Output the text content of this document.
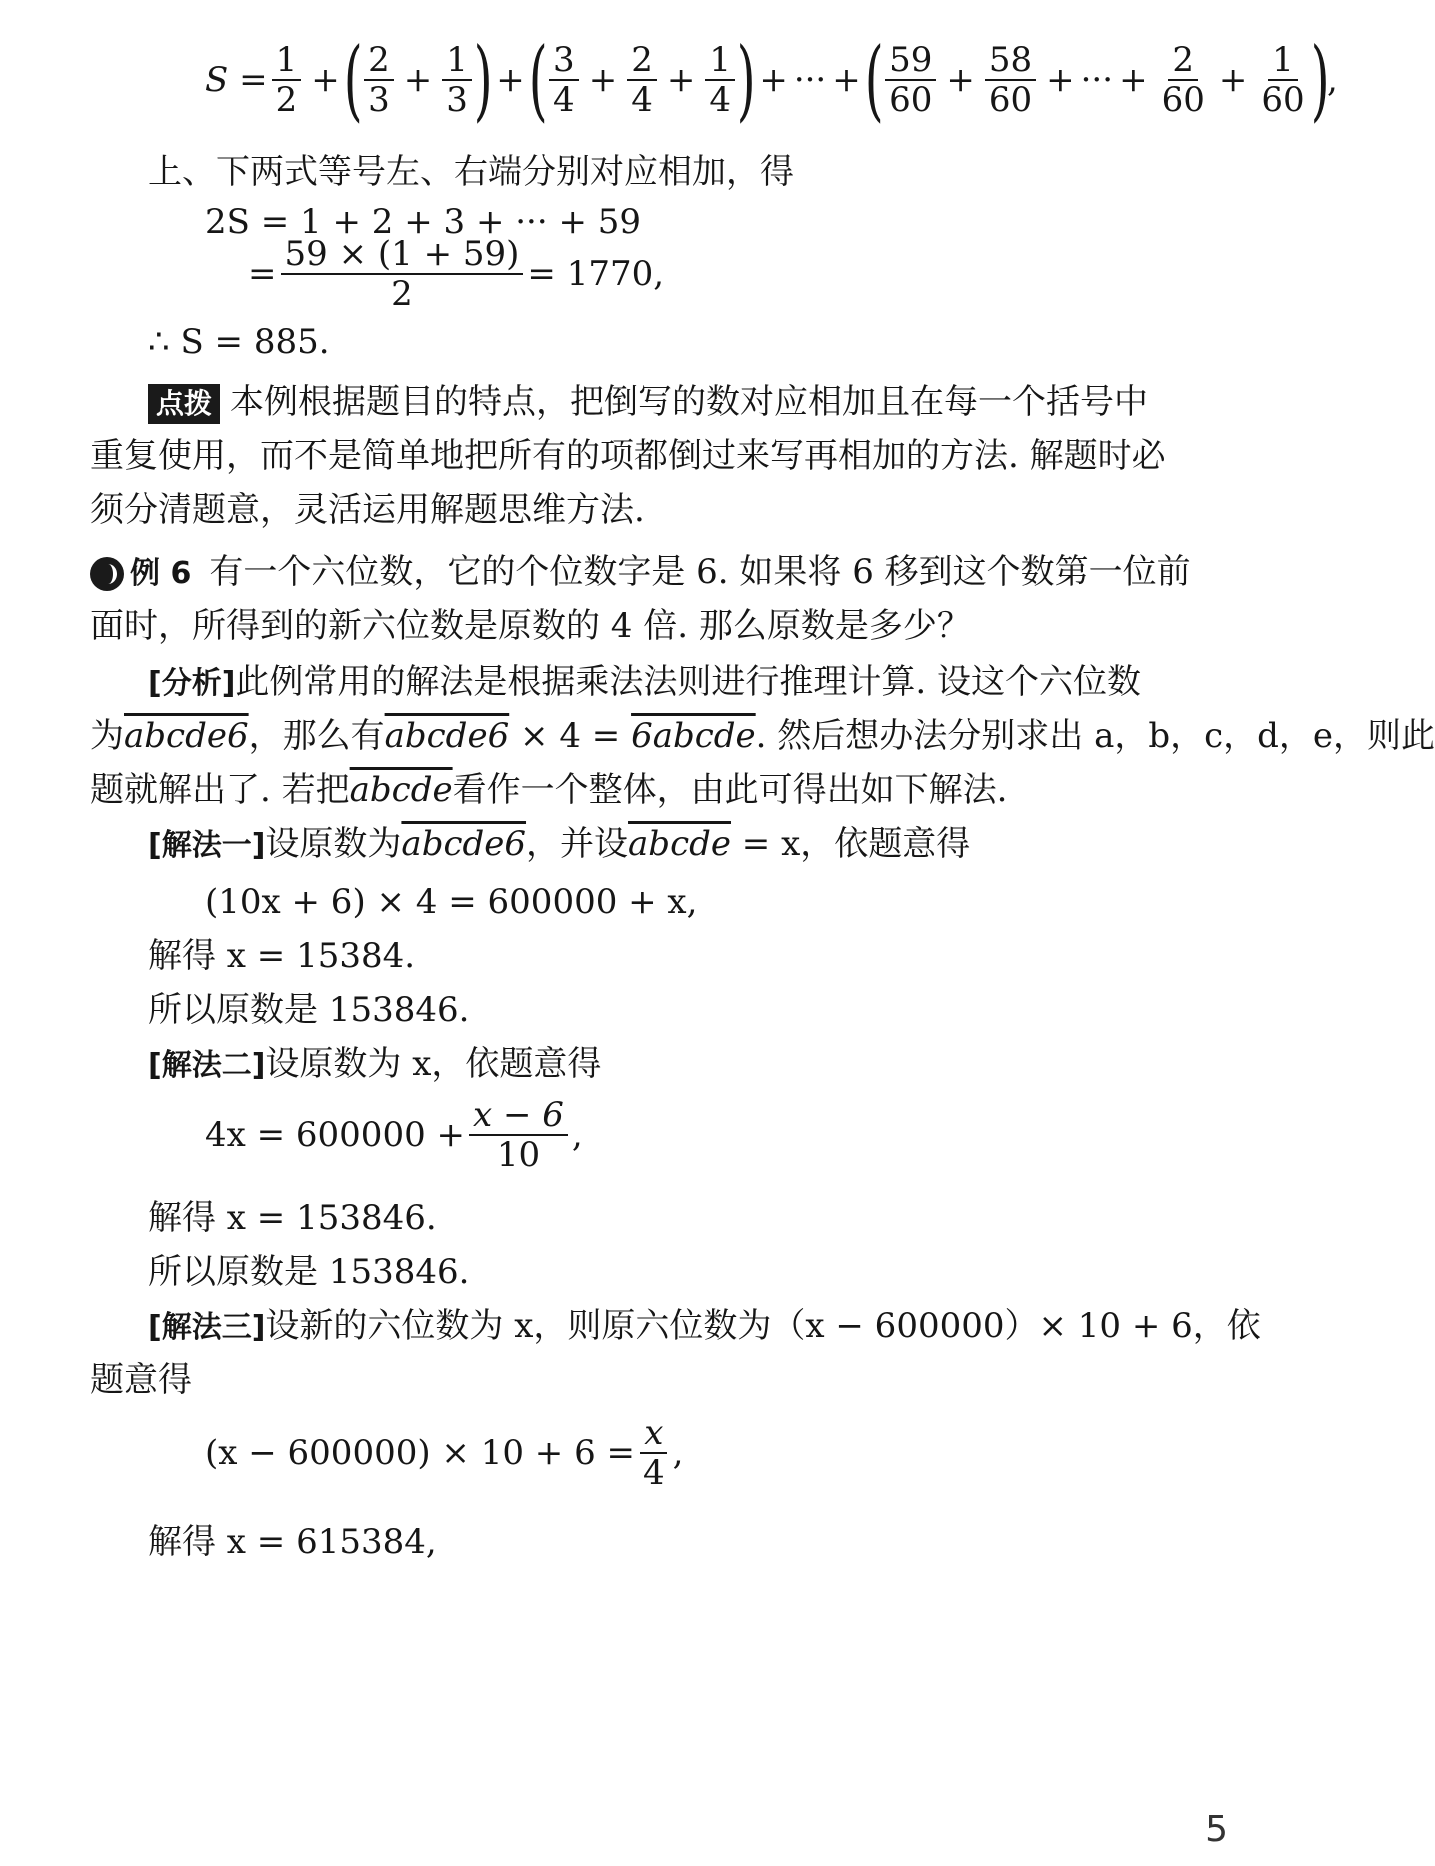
$S = \frac{1}{2}$ + ( 2
$3 + \frac{1}{3}$ ) + ( 3
$4 + \frac{2}{4} + \frac{1}{4}$ ) + ··· + ( 59
$60 + \frac{58}{60}$ + ··· + $\frac{2}{60} + \frac{1}{60}$ )
,
上、下两式等号左、右端分别对应相加，得
2S = 1 + 2 + 3 + ··· + 59
= $\frac{59 \times (1 + 59)}{2} = 1770$,
∴ S = 885.
点拨 本例根据题目的特点，把倒写的数对应相加且在每一个括号中
重复使用，而不是简单地把所有的项都倒过来写再相加的方法. 解题时必
须分清题意，灵活运用解题思维方法.
例 6 有一个六位数，它的个位数字是 6. 如果将 6 移到这个数第一位前
面时，所得到的新六位数是原数的 4 倍. 那么原数是多少？
[分析]此例常用的解法是根据乘法法则进行推理计算. 设这个六位数
为abcde6，那么有abcde6 × 4 = 6abcde. 然后想办法分别求出 a，b，c，d，e，则此
题就解出了. 若把abcde看作一个整体，由此可得出如下解法.
[解法一]设原数为abcde6，并设abcde = x，依题意得
(10x + 6) × 4 = 600000 + x,
解得 x = 15384.
所以原数是 153846.
[解法二]设原数为 x，依题意得
$4x = 600000 + \frac{x - 6}{10}$ ,
解得 x = 153846.
所以原数是 153846.
[解法三]设新的六位数为 x，则原六位数为（x − 600000）× 10 + 6，依
题意得
$(x - 600000) \times 10 + 6 = \frac{x}{4}$ ,
解得 x = 615384,
5
